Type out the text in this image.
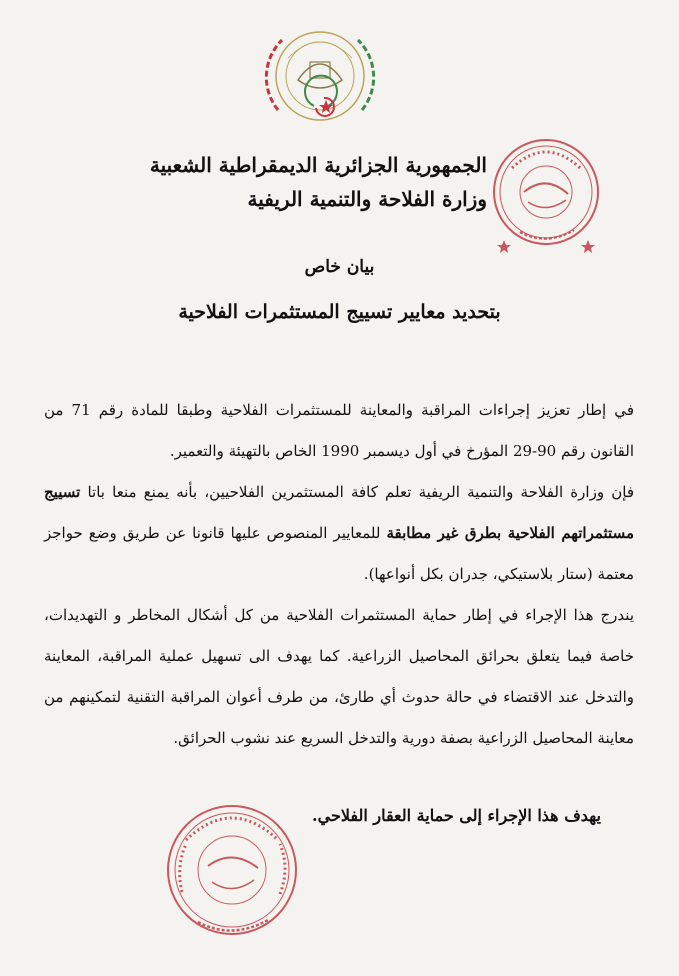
الجمهورية الجزائرية الديمقراطية الشعبية
وزارة الفلاحة والتنمية الريفية
بيان خاص
بتحديد معايير تسييج المستثمرات الفلاحية

في إطار تعزيز إجراءات المراقبة والمعاينة للمستثمرات الفلاحية وطبقا للمادة رقم 71 من القانون رقم 90-29 المؤرخ في أول ديسمبر 1990 الخاص بالتهيئة والتعمير.

فإن وزارة الفلاحة والتنمية الريفية تعلم كافة المستثمرين الفلاحيين، بأنه يمنع منعا باتا تسييج مستثمراتهم الفلاحية بطرق غير مطابقة للمعايير المنصوص عليها قانونا عن طريق وضع حواجز معتمة (ستار بلاستيكي، جدران بكل أنواعها).

يندرج هذا الإجراء في إطار حماية المستثمرات الفلاحية من كل أشكال المخاطر و التهديدات، خاصة فيما يتعلق بحرائق المحاصيل الزراعية. كما يهدف الى تسهيل عملية المراقبة، المعاينة والتدخل عند الاقتضاء في حالة حدوث أي طارئ، من طرف أعوان المراقبة التقنية لتمكينهم من معاينة المحاصيل الزراعية بصفة دورية والتدخل السريع عند نشوب الحرائق.

يهدف هذا الإجراء إلى حماية العقار الفلاحي.
